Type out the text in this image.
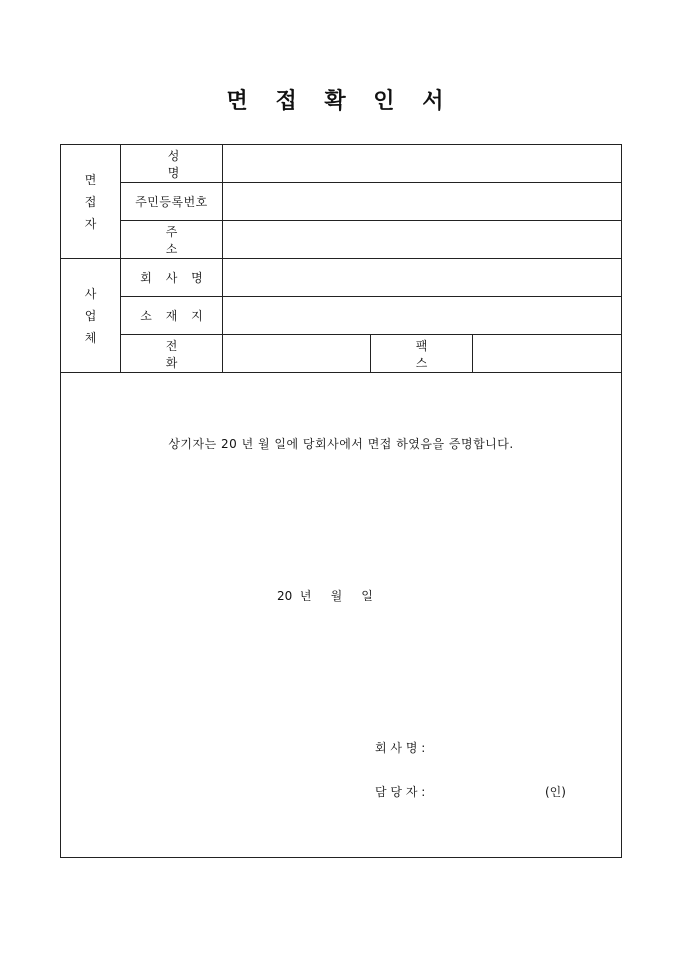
면 접 확 인 서
면
접
자	성 명			
	주민등록번호			
	주 소			

사
업
체	회 사 명			
	소 재 지			
	전 화		팩 스	

상기자는 20 년 월 일에 당회사에서 면접 하였음을 증명합니다.
20  년     월     일
회 사 명 :
담 당 자 : (인)				
